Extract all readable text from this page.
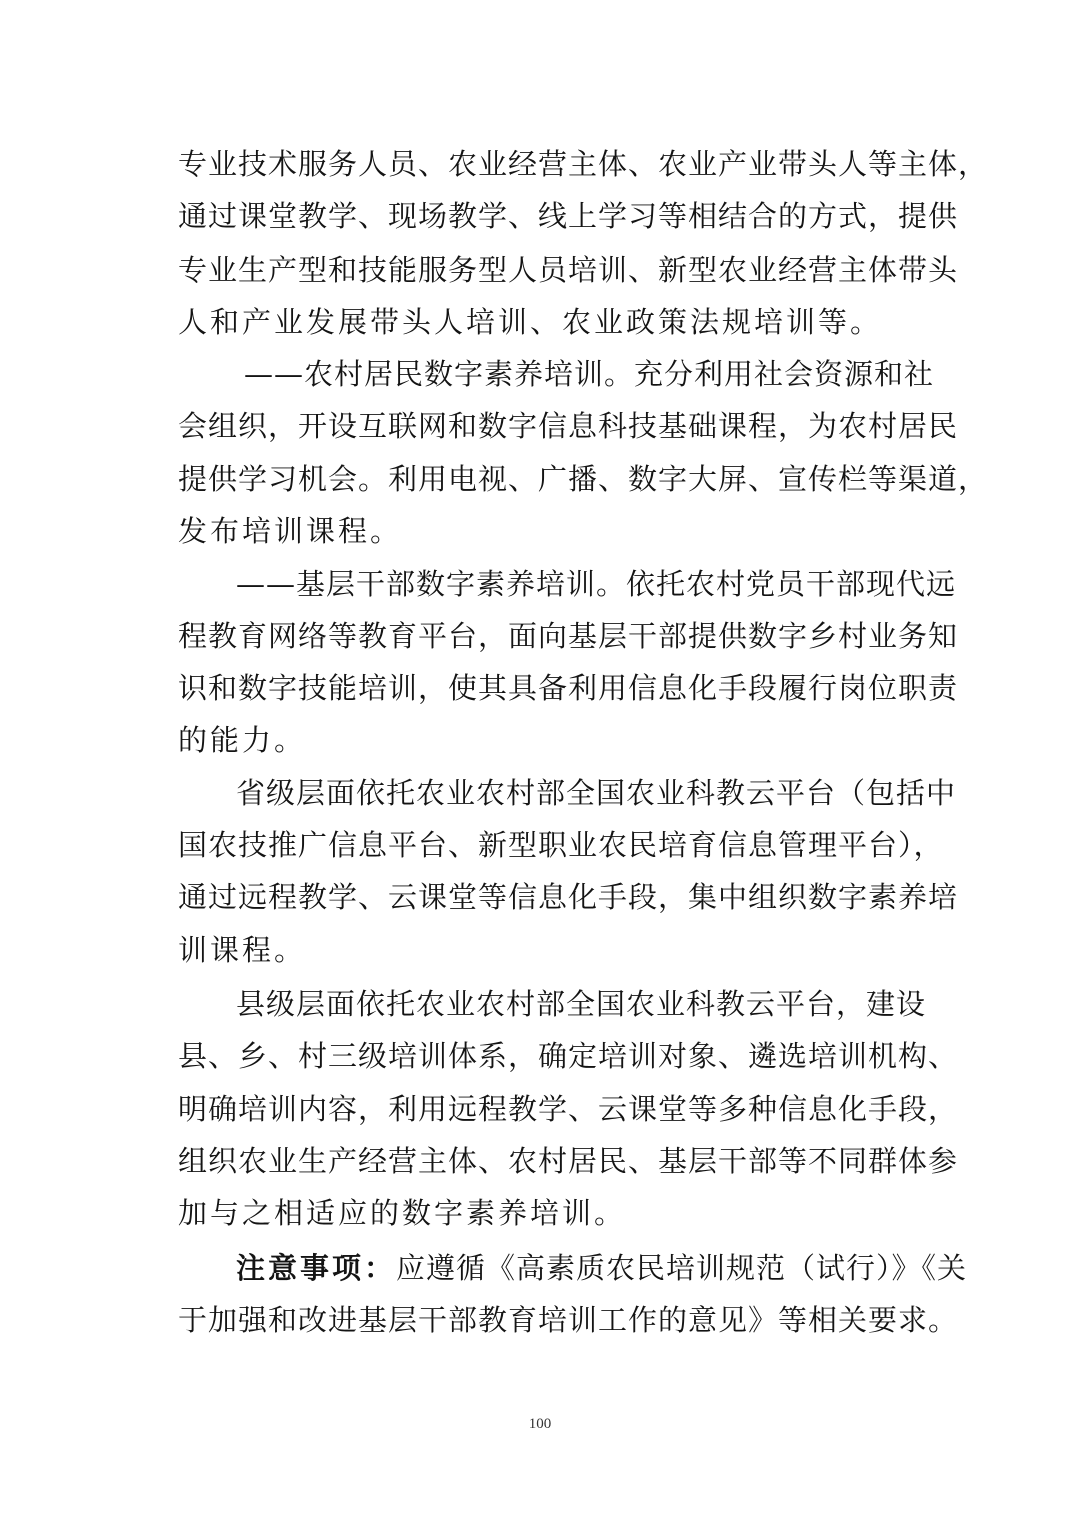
专业技术服务人员、农业经营主体、农业产业带头人等主体，
通过课堂教学、现场教学、线上学习等相结合的方式，提供
专业生产型和技能服务型人员培训、新型农业经营主体带头
人和产业发展带头人培训、农业政策法规培训等。
——农村居民数字素养培训。充分利用社会资源和社
会组织，开设互联网和数字信息科技基础课程，为农村居民
提供学习机会。利用电视、广播、数字大屏、宣传栏等渠道，
发布培训课程。
——基层干部数字素养培训。依托农村党员干部现代远
程教育网络等教育平台，面向基层干部提供数字乡村业务知
识和数字技能培训，使其具备利用信息化手段履行岗位职责
的能力。
省级层面依托农业农村部全国农业科教云平台（包括中
国农技推广信息平台、新型职业农民培育信息管理平台），
通过远程教学、云课堂等信息化手段，集中组织数字素养培
训课程。
县级层面依托农业农村部全国农业科教云平台，建设
县、乡、村三级培训体系，确定培训对象、遴选培训机构、
明确培训内容，利用远程教学、云课堂等多种信息化手段，
组织农业生产经营主体、农村居民、基层干部等不同群体参
加与之相适应的数字素养培训。
注意事项：应遵循《高素质农民培训规范（试行）》《关
于加强和改进基层干部教育培训工作的意见》等相关要求。
100
